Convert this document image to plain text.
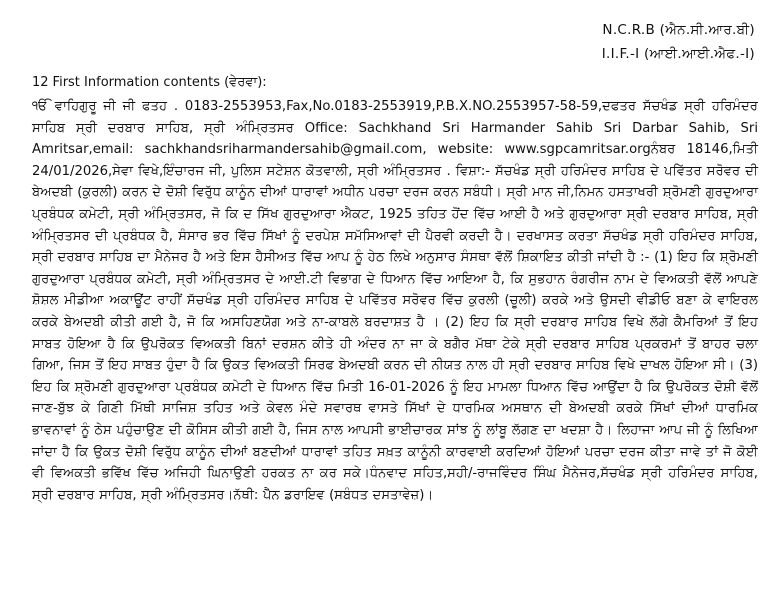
N.C.R.B (ਐਨ.ਸੀ.ਆਰ.ਬੀ)
I.I.F.-I (ਆਈ.ਆਈ.ਐਫ.-I)
12 First Information contents (ਵੇਰਵਾ):
ੴ ਵਾਹਿਗੁਰੂ ਜੀ ਜੀ ਫਤਹ . 0183-2553953,Fax,No.0183-2553919,P.B.X.NO.2553957-58-59,ਦਫਤਰ ਸੱਚਖੰਡ ਸ੍ਰੀ ਹਰਿਮੰਦਰ ਸਾਹਿਬ ਸ੍ਰੀ ਦਰਬਾਰ ਸਾਹਿਬ, ਸ੍ਰੀ ਅੰਮ੍ਰਿਤਸਰ Office: Sachkhand Sri Harmander Sahib Sri Darbar Sahib, Sri Amritsar,email: sachkhandsriharmandersahib@gmail.com, website: www.sgpcamritsar.orgਨੰਬਰ 18146,ਮਿਤੀ 24/01/2026,ਸੇਵਾ ਵਿਖੇ,ਇੰਚਾਰਜ ਜੀ, ਪੁਲਿਸ ਸਟੇਸ਼ਨ ਕੋਤਵਾਲੀ, ਸ੍ਰੀ ਅੰਮ੍ਰਿਤਸਰ . ਵਿਸ਼ਾ:- ਸੱਚਖੰਡ ਸ੍ਰੀ ਹਰਿਮੰਦਰ ਸਾਹਿਬ ਦੇ ਪਵਿੱਤਰ ਸਰੋਵਰ ਦੀ ਬੇਅਦਬੀ (ਕੁਰਲੀ) ਕਰਨ ਦੇ ਦੋਸ਼ੀ ਵਿਰੁੱਧ ਕਾਨੂੰਨ ਦੀਆਂ ਧਾਰਾਵਾਂ ਅਧੀਨ ਪਰਚਾ ਦਰਜ ਕਰਨ ਸਬੰਧੀ। ਸ੍ਰੀ ਮਾਨ ਜੀ,ਨਿਮਨ ਹਸਤਾਖਰੀ ਸ਼੍ਰੋਮਣੀ ਗੁਰਦੁਆਰਾ ਪ੍ਰਬੰਧਕ ਕਮੇਟੀ, ਸ੍ਰੀ ਅੰਮ੍ਰਿਤਸਰ, ਜੋ ਕਿ ਦ ਸਿੱਖ ਗੁਰਦੁਆਰਾ ਐਕਟ, 1925 ਤਹਿਤ ਹੋਂਦ ਵਿੱਚ ਆਈ ਹੈ ਅਤੇ ਗੁਰਦੁਆਰਾ ਸ੍ਰੀ ਦਰਬਾਰ ਸਾਹਿਬ, ਸ੍ਰੀ ਅੰਮ੍ਰਿਤਸਰ ਦੀ ਪ੍ਰਬੰਧਕ ਹੈ, ਸੰਸਾਰ ਭਰ ਵਿੱਚ ਸਿੱਖਾਂ ਨੂੰ ਦਰਪੇਸ਼ ਸਮੱਸਿਆਵਾਂ ਦੀ ਪੈਰਵੀ ਕਰਦੀ ਹੈ। ਦਰਖਾਸਤ ਕਰਤਾ ਸੱਚਖੰਡ ਸ੍ਰੀ ਹਰਿਮੰਦਰ ਸਾਹਿਬ, ਸ੍ਰੀ ਦਰਬਾਰ ਸਾਹਿਬ ਦਾ ਮੈਨੇਜਰ ਹੈ ਅਤੇ ਇਸ ਹੈਸੀਅਤ ਵਿੱਚ ਆਪ ਨੂੰ ਹੇਠ ਲਿਖੇ ਅਨੁਸਾਰ ਸੰਸਥਾ ਵੱਲੋਂ ਸ਼ਿਕਾਇਤ ਕੀਤੀ ਜਾਂਦੀ ਹੈ :- (1) ਇਹ ਕਿ ਸ਼੍ਰੋਮਣੀ ਗੁਰਦੁਆਰਾ ਪ੍ਰਬੰਧਕ ਕਮੇਟੀ, ਸ੍ਰੀ ਅੰਮ੍ਰਿਤਸਰ ਦੇ ਆਈ.ਟੀ ਵਿਭਾਗ ਦੇ ਧਿਆਨ ਵਿੱਚ ਆਇਆ ਹੈ, ਕਿ ਸੁਭਹਾਨ ਰੰਗਰੀਜ ਨਾਮ ਦੇ ਵਿਅਕਤੀ ਵੱਲੋਂ ਆਪਣੇ ਸ਼ੋਸ਼ਲ ਮੀਡੀਆ ਅਕਾਊਂਟ ਰਾਹੀਂ ਸੱਚਖੰਡ ਸ੍ਰੀ ਹਰਿਮੰਦਰ ਸਾਹਿਬ ਦੇ ਪਵਿੱਤਰ ਸਰੋਵਰ ਵਿੱਚ ਕੁਰਲੀ (ਚੂਲੀ) ਕਰਕੇ ਅਤੇ ਉਸਦੀ ਵੀਡੀਓ ਬਣਾ ਕੇ ਵਾਇਰਲ ਕਰਕੇ ਬੇਅਦਬੀ ਕੀਤੀ ਗਈ ਹੈ, ਜੋ ਕਿ ਅਸਹਿਣਯੋਗ ਅਤੇ ਨਾ-ਕਾਬਲੇ ਬਰਦਾਸ਼ਤ ਹੈ । (2) ਇਹ ਕਿ ਸ੍ਰੀ ਦਰਬਾਰ ਸਾਹਿਬ ਵਿਖੇ ਲੱਗੇ ਕੈਮਰਿਆਂ ਤੋਂ ਇਹ ਸਾਬਤ ਹੋਇਆ ਹੈ ਕਿ ਉਪਰੋਕਤ ਵਿਅਕਤੀ ਬਿਨਾਂ ਦਰਸ਼ਨ ਕੀਤੇ ਹੀ ਅੰਦਰ ਨਾ ਜਾ ਕੇ ਬਗੈਰ ਮੱਥਾ ਟੇਕੇ ਸ੍ਰੀ ਦਰਬਾਰ ਸਾਹਿਬ ਪ੍ਰਕਰਮਾਂ ਤੋਂ ਬਾਹਰ ਚਲਾ ਗਿਆ, ਜਿਸ ਤੋਂ ਇਹ ਸਾਬਤ ਹੁੰਦਾ ਹੈ ਕਿ ਉਕਤ ਵਿਅਕਤੀ ਸਿਰਫ ਬੇਅਦਬੀ ਕਰਨ ਦੀ ਨੀਯਤ ਨਾਲ ਹੀ ਸ੍ਰੀ ਦਰਬਾਰ ਸਾਹਿਬ ਵਿਖੇ ਦਾਖਲ ਹੋਇਆ ਸੀ। (3) ਇਹ ਕਿ ਸ਼੍ਰੋਮਣੀ ਗੁਰਦੁਆਰਾ ਪ੍ਰਬੰਧਕ ਕਮੇਟੀ ਦੇ ਧਿਆਨ ਵਿੱਚ ਮਿਤੀ 16-01-2026 ਨੂੰ ਇਹ ਮਾਮਲਾ ਧਿਆਨ ਵਿੱਚ ਆਉਂਦਾ ਹੈ ਕਿ ਉਪਰੋਕਤ ਦੋਸ਼ੀ ਵੱਲੋਂ ਜਾਣ-ਬੁੱਝ ਕੇ ਗਿਣੀ ਮਿੱਥੀ ਸਾਜਿਸ਼ ਤਹਿਤ ਅਤੇ ਕੇਵਲ ਮੰਦੇ ਸਵਾਰਥ ਵਾਸਤੇ ਸਿੱਖਾਂ ਦੇ ਧਾਰਮਿਕ ਅਸਥਾਨ ਦੀ ਬੇਅਦਬੀ ਕਰਕੇ ਸਿੱਖਾਂ ਦੀਆਂ ਧਾਰਮਿਕ ਭਾਵਨਾਵਾਂ ਨੂੰ ਠੇਸ ਪਹੁੰਚਾਉਣ ਦੀ ਕੋਸਿਸ ਕੀਤੀ ਗਈ ਹੈ, ਜਿਸ ਨਾਲ ਆਪਸੀ ਭਾਈਚਾਰਕ ਸਾਂਝ ਨੂੰ ਲਾਂਬੂ ਲੱਗਣ ਦਾ ਖਦਸ਼ਾ ਹੈ। ਲਿਹਾਜਾ ਆਪ ਜੀ ਨੂੰ ਲਿਖਿਆ ਜਾਂਦਾ ਹੈ ਕਿ ਉਕਤ ਦੋਸ਼ੀ ਵਿਰੁੱਧ ਕਾਨੂੰਨ ਦੀਆਂ ਬਣਦੀਆਂ ਧਾਰਾਵਾਂ ਤਹਿਤ ਸਖ਼ਤ ਕਾਨੂੰਨੀ ਕਾਰਵਾਈ ਕਰਦਿਆਂ ਹੋਇਆਂ ਪਰਚਾ ਦਰਜ ਕੀਤਾ ਜਾਵੇ ਤਾਂ ਜੋ ਕੋਈ ਵੀ ਵਿਅਕਤੀ ਭਵਿੱਖ ਵਿੱਚ ਅਜਿਹੀ ਘਿਨਾਉਣੀ ਹਰਕਤ ਨਾ ਕਰ ਸਕੇ।ਧੰਨਵਾਦ ਸਹਿਤ,ਸਹੀ/-ਰਾਜਵਿੰਦਰ ਸਿੰਘ ਮੈਨੇਜਰ,ਸੱਚਖੰਡ ਸ੍ਰੀ ਹਰਿਮੰਦਰ ਸਾਹਿਬ, ਸ੍ਰੀ ਦਰਬਾਰ ਸਾਹਿਬ, ਸ੍ਰੀ ਅੰਮ੍ਰਿਤਸਰ।ਨੱਥੀ: ਪੈੱਨ ਡਰਾਇਵ (ਸਬੰਧਤ ਦਸਤਾਵੇਜ਼)।
